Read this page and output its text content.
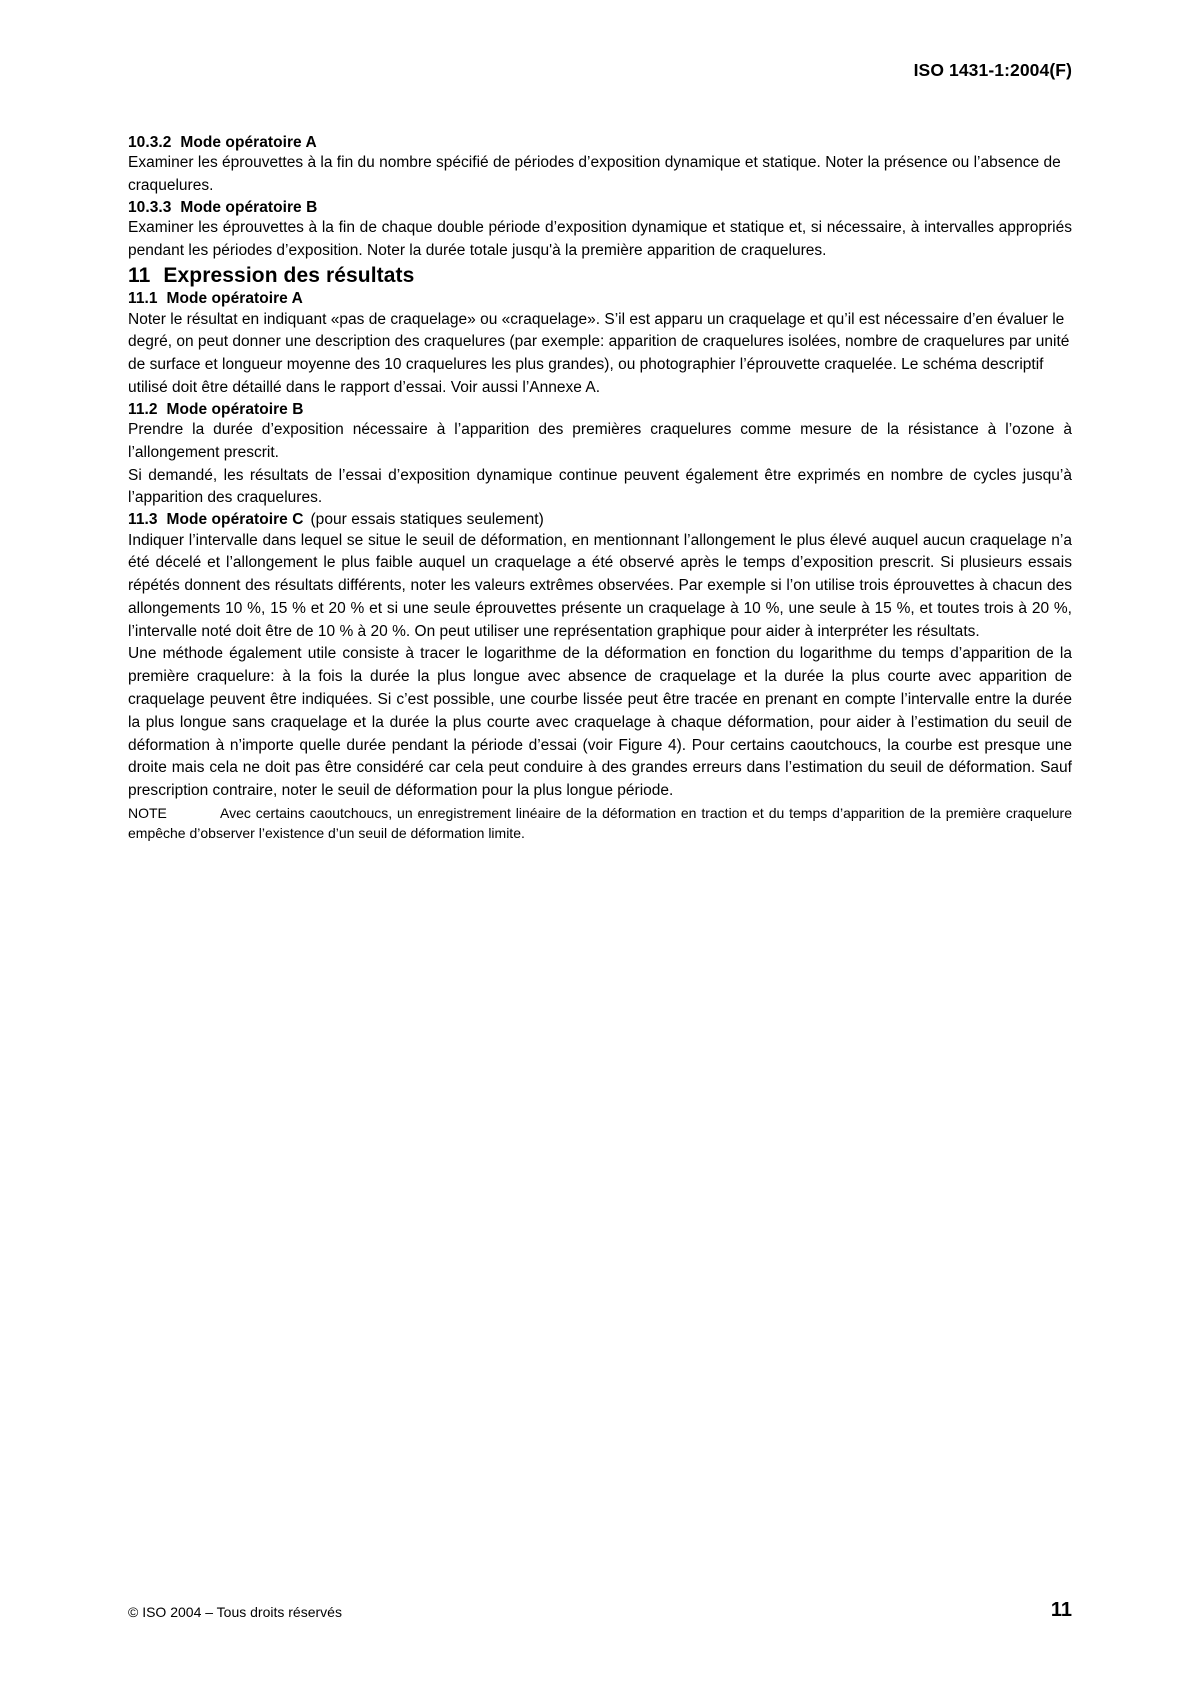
ISO 1431-1:2004(F)
10.3.2 Mode opératoire A

Examiner les éprouvettes à la fin du nombre spécifié de périodes d’exposition dynamique et statique. Noter la présence ou l’absence de craquelures.

10.3.3 Mode opératoire B

Examiner les éprouvettes à la fin de chaque double période d’exposition dynamique et statique et, si nécessaire, à intervalles appropriés pendant les périodes d’exposition. Noter la durée totale jusqu'à la première apparition de craquelures.

11 Expression des résultats
11.1 Mode opératoire A

Noter le résultat en indiquant «pas de craquelage» ou «craquelage». S’il est apparu un craquelage et qu’il est nécessaire d’en évaluer le degré, on peut donner une description des craquelures (par exemple: apparition de craquelures isolées, nombre de craquelures par unité de surface et longueur moyenne des 10 craquelures les plus grandes), ou photographier l’éprouvette craquelée. Le schéma descriptif utilisé doit être détaillé dans le rapport d’essai. Voir aussi l’Annexe A.

11.2 Mode opératoire B

Prendre la durée d’exposition nécessaire à l’apparition des premières craquelures comme mesure de la résistance à l’ozone à l’allongement prescrit.

Si demandé, les résultats de l’essai d’exposition dynamique continue peuvent également être exprimés en nombre de cycles jusqu’à l’apparition des craquelures.

11.3 Mode opératoire C (pour essais statiques seulement)

Indiquer l’intervalle dans lequel se situe le seuil de déformation, en mentionnant l’allongement le plus élevé auquel aucun craquelage n’a été décelé et l’allongement le plus faible auquel un craquelage a été observé après le temps d’exposition prescrit. Si plusieurs essais répétés donnent des résultats différents, noter les valeurs extrêmes observées. Par exemple si l’on utilise trois éprouvettes à chacun des allongements 10 %, 15 % et 20 % et si une seule éprouvettes présente un craquelage à 10 %, une seule à 15 %, et toutes trois à 20 %, l’intervalle noté doit être de 10 % à 20 %. On peut utiliser une représentation graphique pour aider à interpréter les résultats.

Une méthode également utile consiste à tracer le logarithme de la déformation en fonction du logarithme du temps d’apparition de la première craquelure: à la fois la durée la plus longue avec absence de craquelage et la durée la plus courte avec apparition de craquelage peuvent être indiquées. Si c’est possible, une courbe lissée peut être tracée en prenant en compte l’intervalle entre la durée la plus longue sans craquelage et la durée la plus courte avec craquelage à chaque déformation, pour aider à l’estimation du seuil de déformation à n’importe quelle durée pendant la période d’essai (voir Figure 4). Pour certains caoutchoucs, la courbe est presque une droite mais cela ne doit pas être considéré car cela peut conduire à des grandes erreurs dans l’estimation du seuil de déformation. Sauf prescription contraire, noter le seuil de déformation pour la plus longue période.

NOTE	Avec certains caoutchoucs, un enregistrement linéaire de la déformation en traction et du temps d’apparition de la première craquelure empêche d’observer l’existence d’un seuil de déformation limite.

© ISO 2004 – Tous droits réservés	11
